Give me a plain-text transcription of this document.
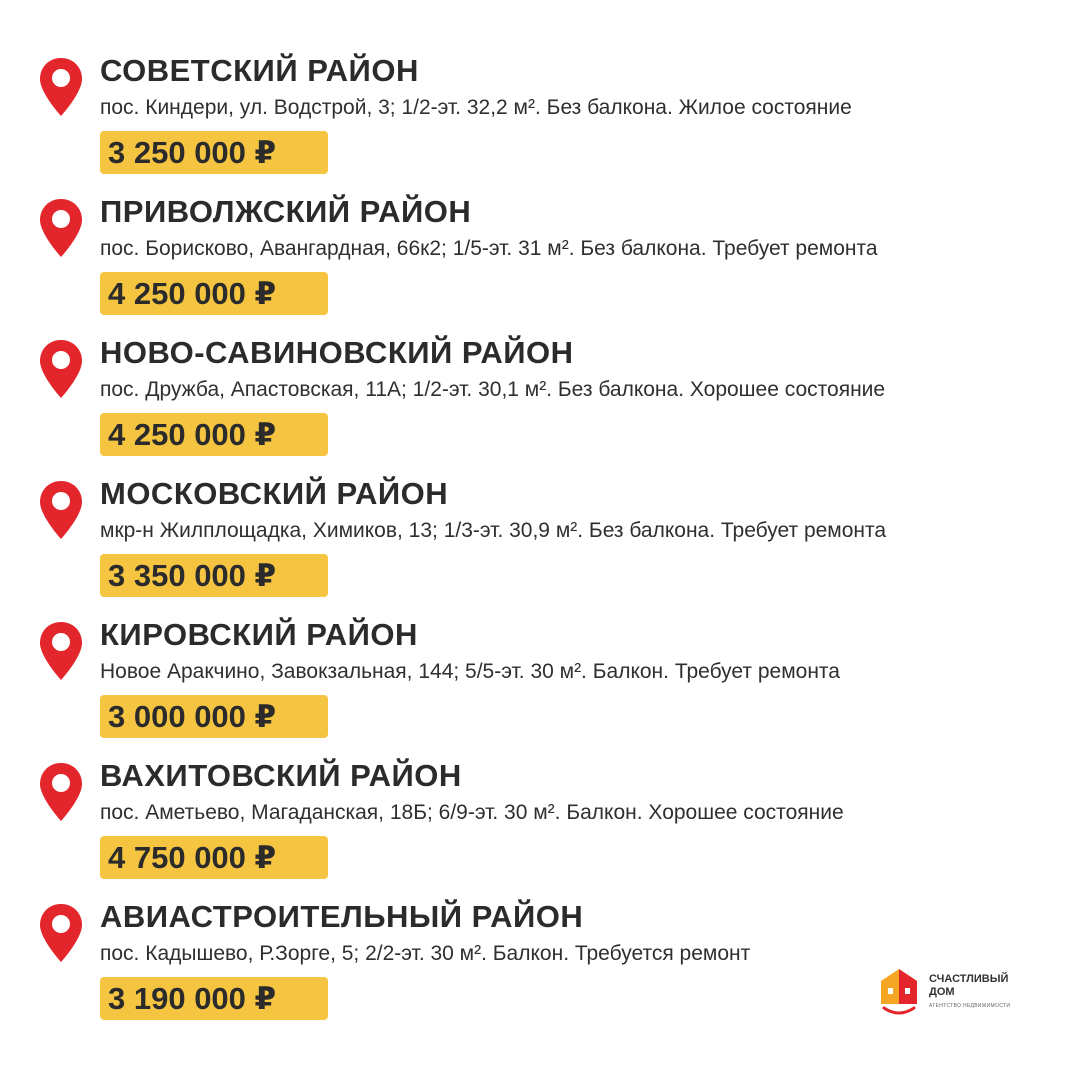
СОВЕТСКИЙ РАЙОН
пос. Киндери, ул. Водстрой, 3; 1/2-эт. 32,2 м². Без балкона. Жилое состояние
3 250 000 ₽
ПРИВОЛЖСКИЙ РАЙОН
пос. Борисково, Авангардная, 66к2; 1/5-эт. 31 м². Без балкона. Требует ремонта
4 250 000 ₽
НОВО-САВИНОВСКИЙ РАЙОН
пос. Дружба, Апастовская, 11А; 1/2-эт. 30,1 м². Без балкона. Хорошее состояние
4 250 000 ₽
МОСКОВСКИЙ РАЙОН
мкр-н Жилплощадка, Химиков, 13; 1/3-эт. 30,9 м². Без балкона. Требует ремонта
3 350 000 ₽
КИРОВСКИЙ РАЙОН
Новое Аракчино, Завокзальная, 144; 5/5-эт. 30 м². Балкон. Требует ремонта
3 000 000 ₽
ВАХИТОВСКИЙ РАЙОН
пос. Аметьево, Магаданская, 18Б; 6/9-эт. 30 м². Балкон. Хорошее состояние
4 750 000 ₽
АВИАСТРОИТЕЛЬНЫЙ РАЙОН
пос. Кадышево, Р.Зорге, 5; 2/2-эт. 30 м². Балкон. Требуется ремонт
3 190 000 ₽
СЧАСТЛИВЫЙ ДОМ
АГЕНТСТВО НЕДВИЖИМОСТИ
